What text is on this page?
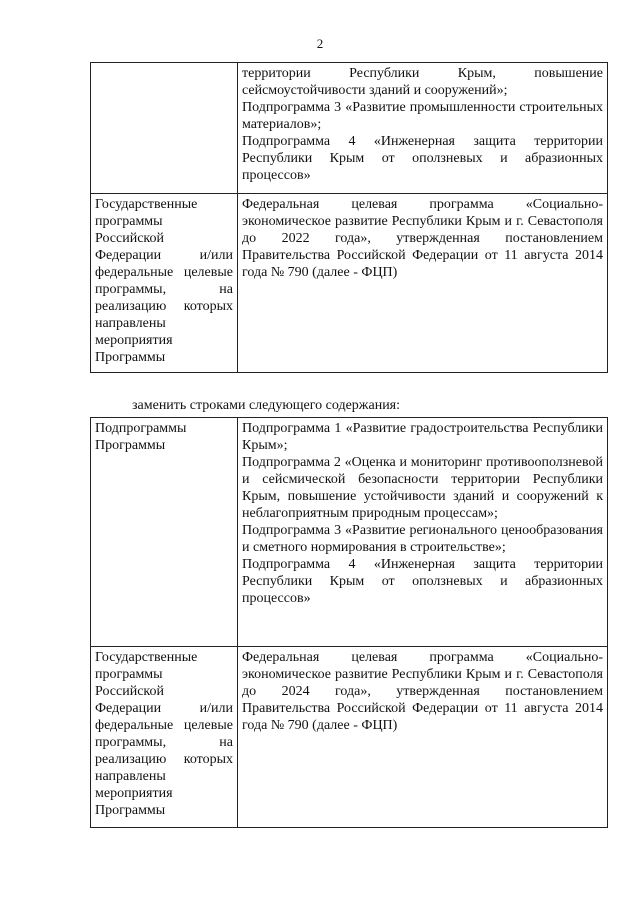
2

	территории Республики Крым, повышение сейсмоустойчивости зданий и сооружений»;
Подпрограмма 3 «Развитие промышленности строительных материалов»;
Подпрограмма 4 «Инженерная защита территории Республики Крым от оползневых и абразионных процессов»

Государственные программы Российской Федерации и/или федеральные целевые программы, на реализацию которых направлены мероприятия Программы	Федеральная целевая программа «Социально-экономическое развитие Республики Крым и г. Севастополя до 2022 года», утвержденная постановлением Правительства Российской Федерации от 11 августа 2014 года № 790 (далее - ФЦП)
заменить строками следующего содержания:
Подпрограммы Программы	Подпрограмма 1 «Развитие градостроительства Республики Крым»;
Подпрограмма 2 «Оценка и мониторинг противооползневой и сейсмической безопасности территории Республики Крым, повышение устойчивости зданий и сооружений к неблагоприятным природным процессам»;
Подпрограмма 3 «Развитие регионального ценообразования и сметного нормирования в строительстве»;
Подпрограмма 4 «Инженерная защита территории Республики Крым от оползневых и абразионных процессов»

Государственные программы Российской Федерации и/или федеральные целевые программы, на реализацию которых направлены мероприятия Программы	Федеральная целевая программа «Социально-экономическое развитие Республики Крым и г. Севастополя до 2024 года», утвержденная постановлением Правительства Российской Федерации от 11 августа 2014 года № 790 (далее - ФЦП)
